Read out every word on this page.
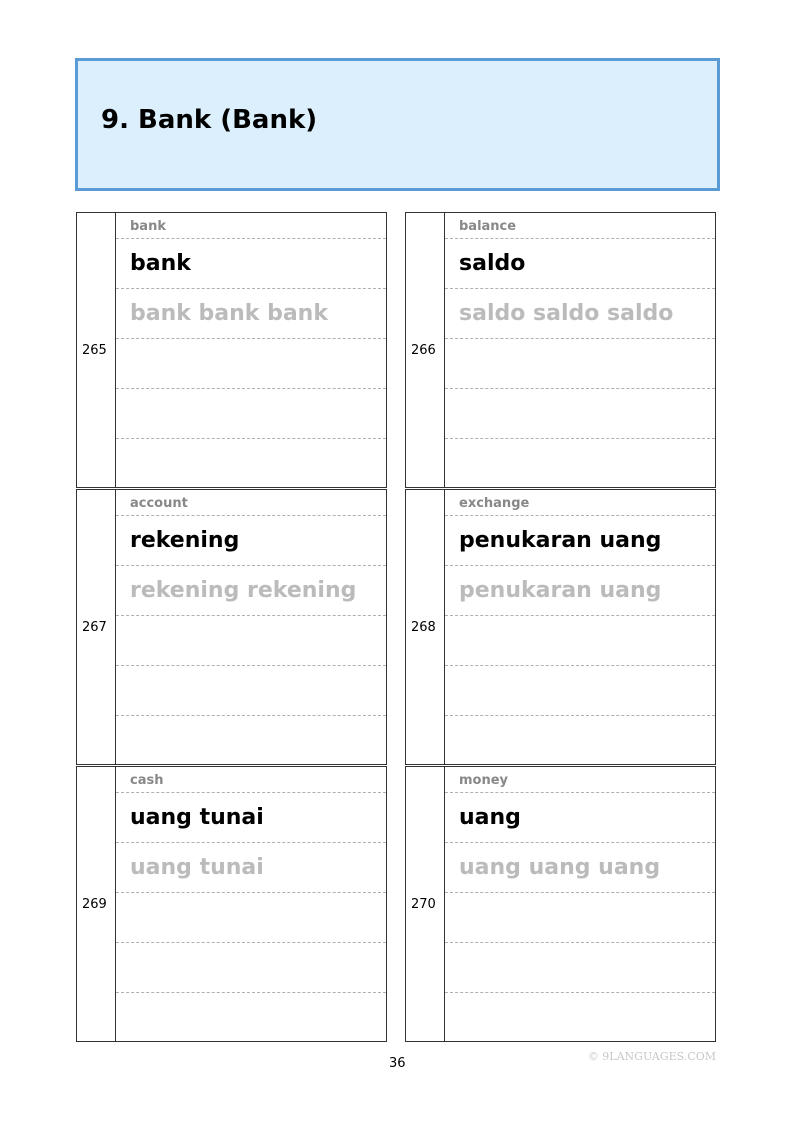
9. Bank (Bank)
265
bank
bank
bank bank bank
266
balance
saldo
saldo saldo saldo
267
account
rekening
rekening rekening
268
exchange
penukaran uang
penukaran uang
269
cash
uang tunai
uang tunai
270
money
uang
uang uang uang
36	© 9LANGUAGES.COM
